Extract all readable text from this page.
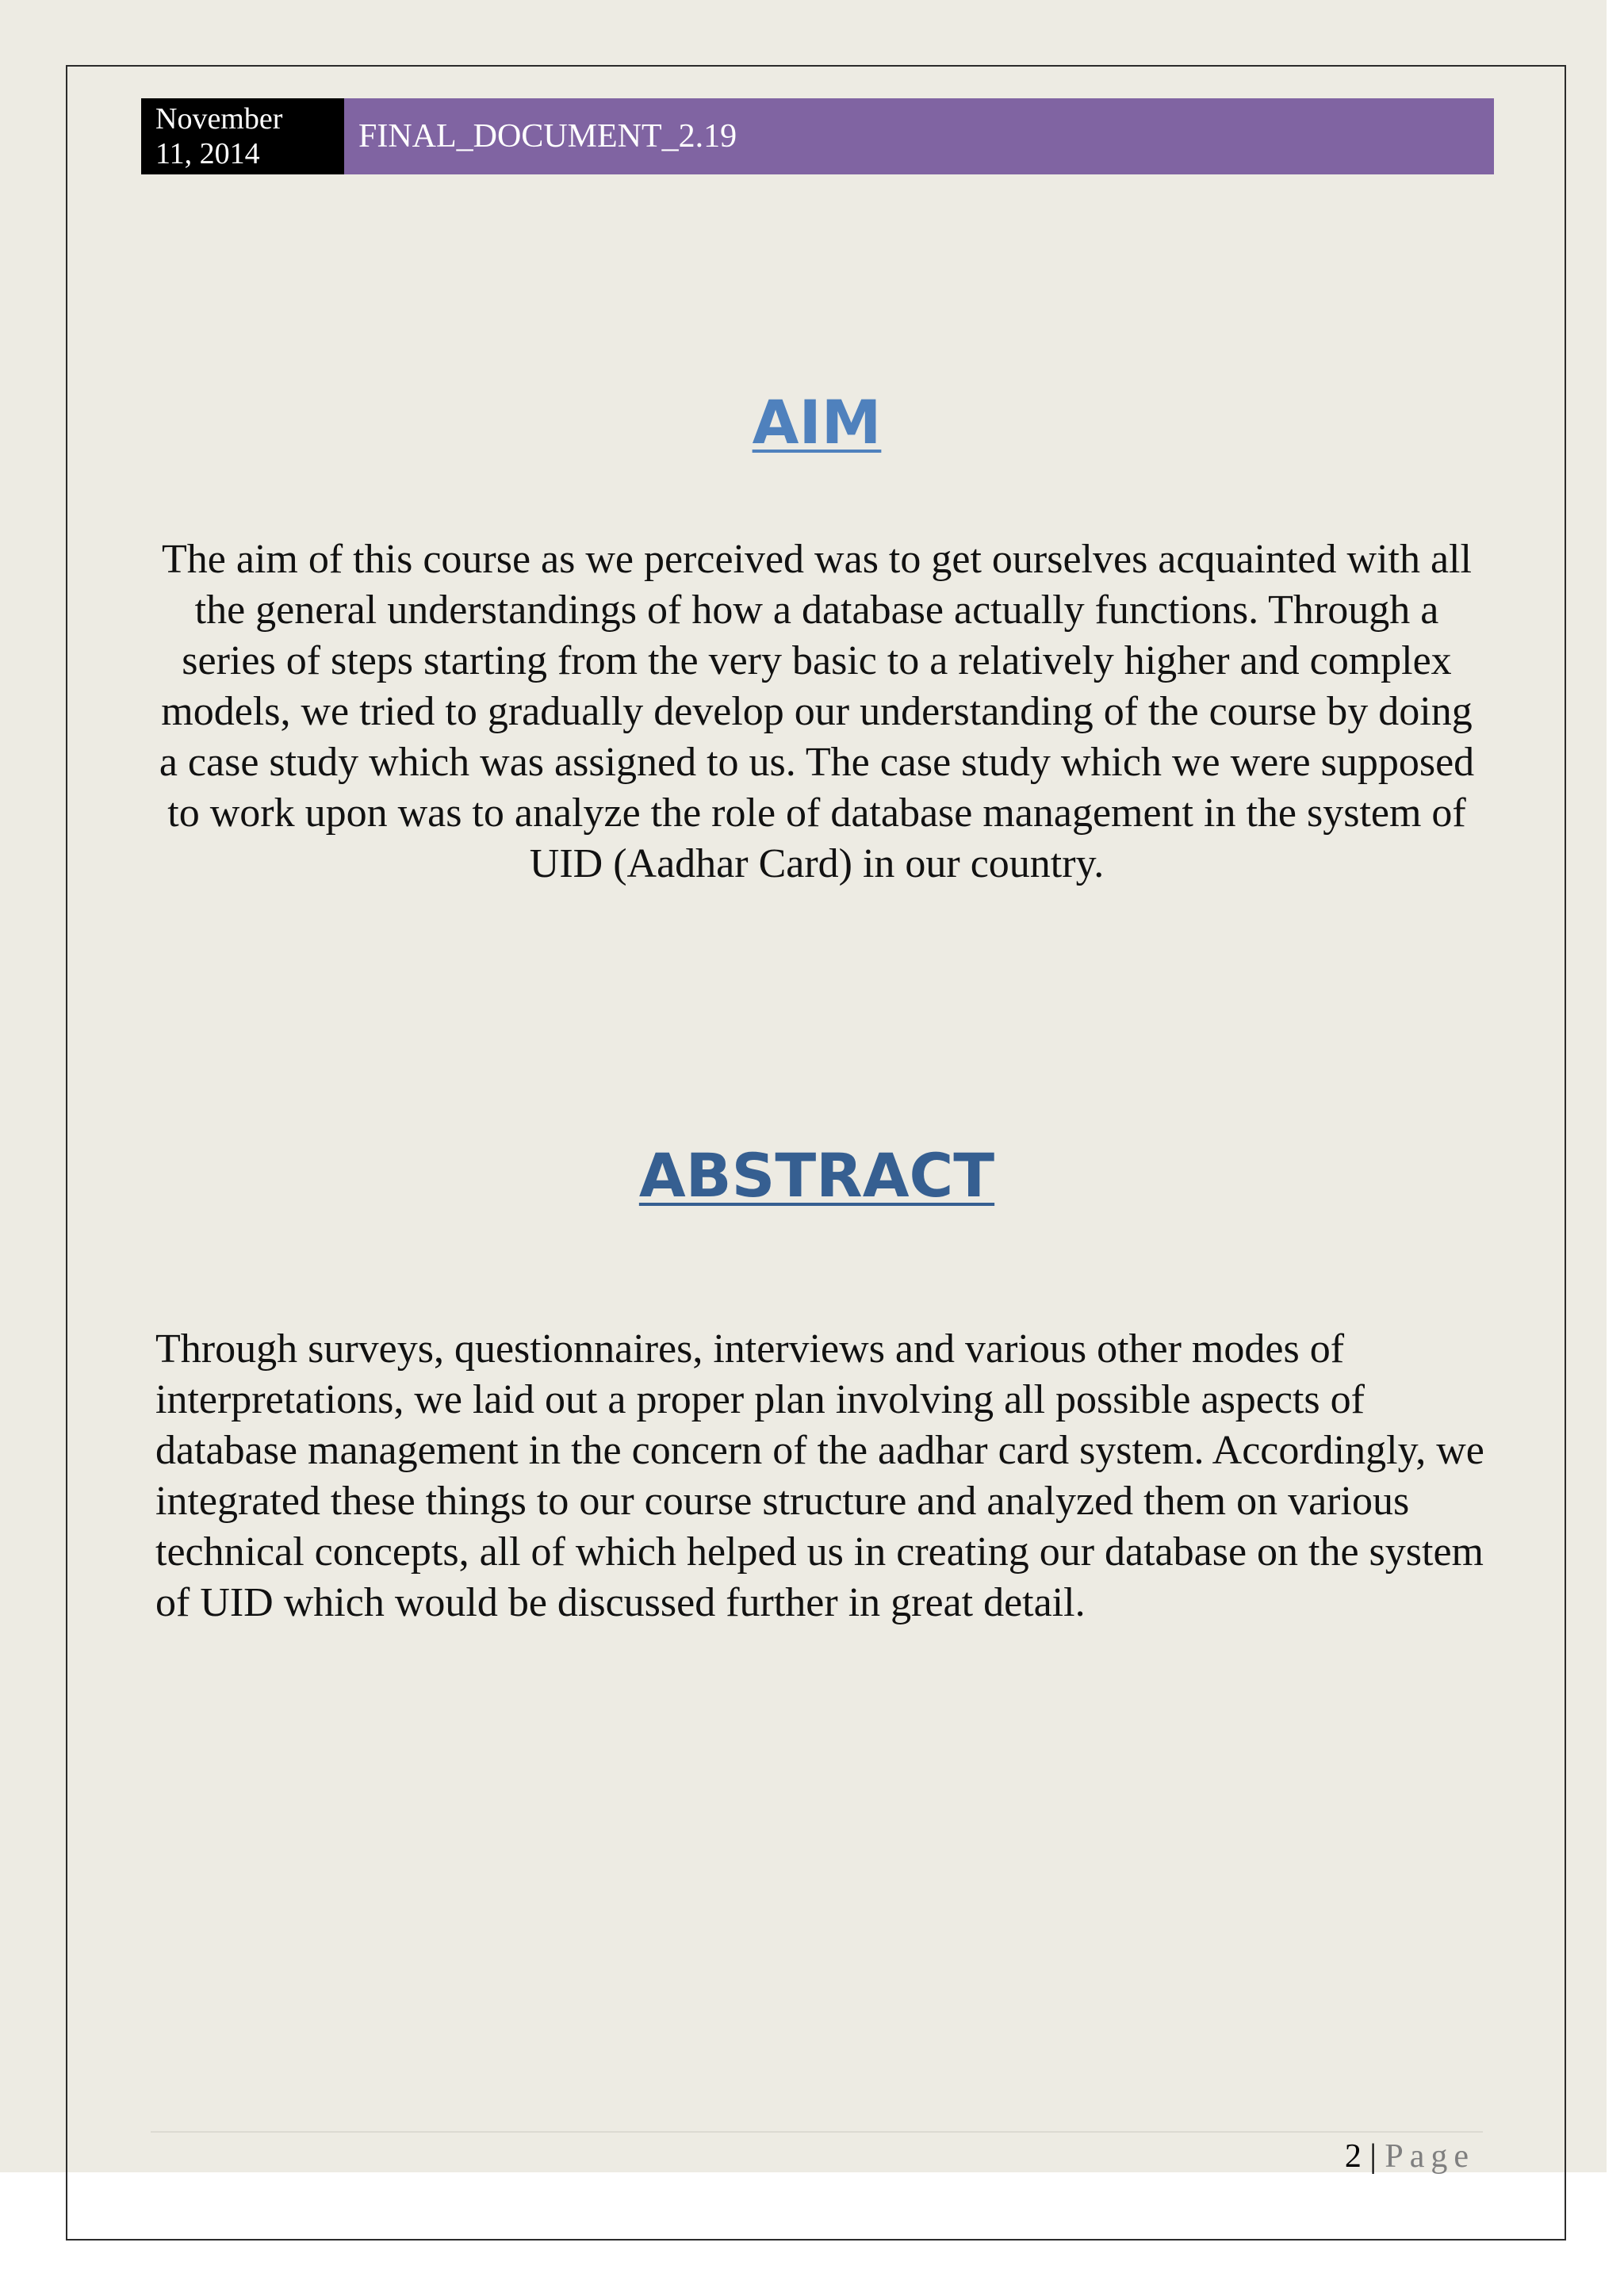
November
11, 2014	FINAL_DOCUMENT_2.19
AIM

The aim of this course as we perceived was to get ourselves acquainted with all the general understandings of how a database actually functions. Through a series of steps starting from the very basic to a relatively higher and complex models, we tried to gradually develop our understanding of the course by doing a case study which was assigned to us. The case study which we were supposed to work upon was to analyze the role of database management in the system of UID (Aadhar Card) in our country.

ABSTRACT

Through surveys, questionnaires, interviews and various other modes of interpretations, we laid out a proper plan involving all possible aspects of database management in the concern of the aadhar card system. Accordingly, we integrated these things to our course structure and analyzed them on various technical concepts, all of which helped us in creating our database on the system of UID which would be discussed further in great detail.

2 | Page
